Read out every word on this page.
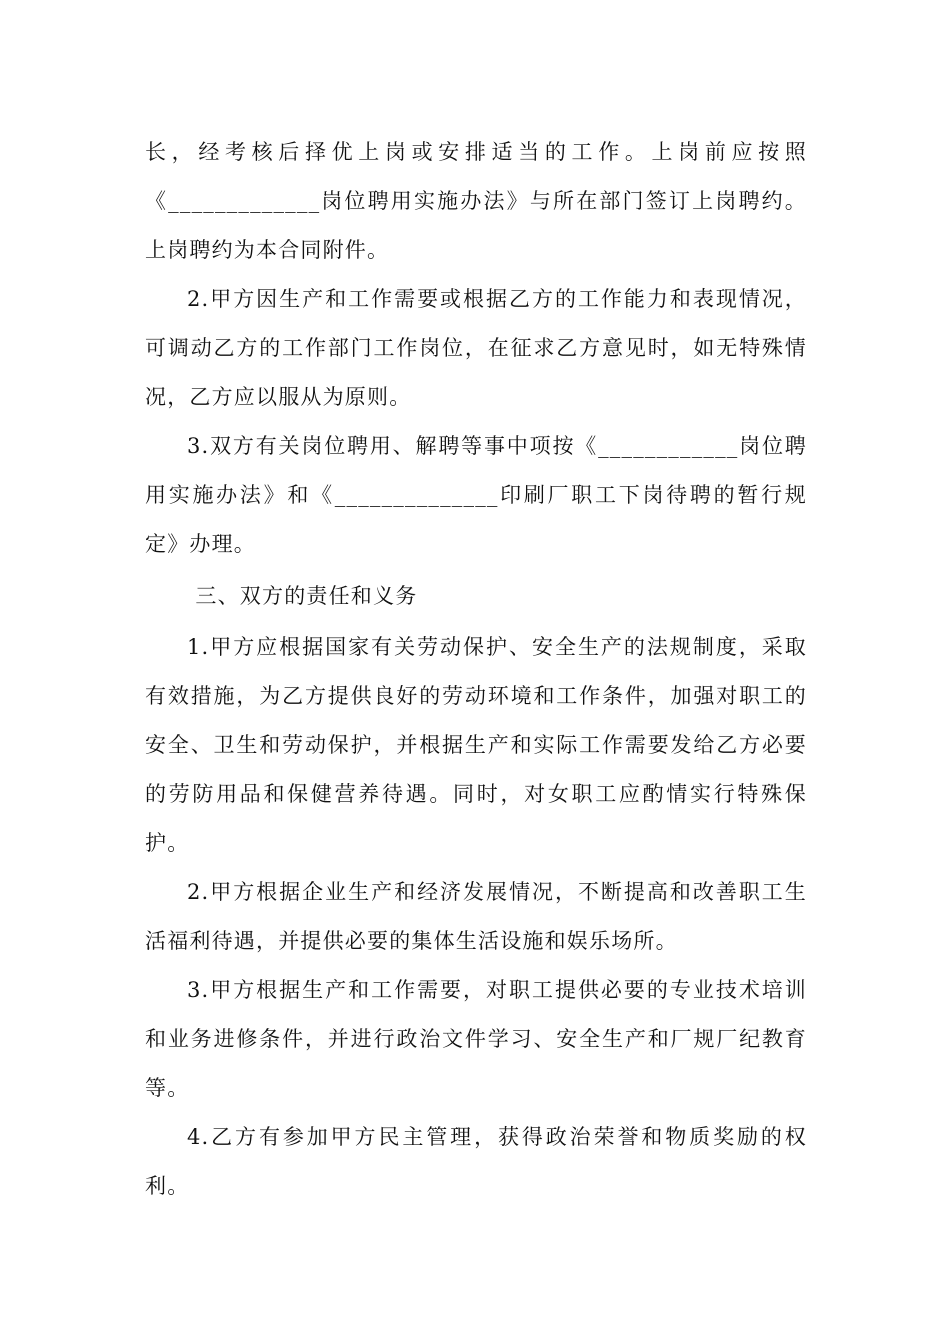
长，经考核后择优上岗或安排适当的工作。上岗前应按照《_____________岗位聘用实施办法》与所在部门签订上岗聘约。上岗聘约为本合同附件。

2.甲方因生产和工作需要或根据乙方的工作能力和表现情况，可调动乙方的工作部门工作岗位，在征求乙方意见时，如无特殊情况，乙方应以服从为原则。

3.双方有关岗位聘用、解聘等事中项按《____________岗位聘用实施办法》和《______________印刷厂职工下岗待聘的暂行规定》办理。

三、双方的责任和义务

1.甲方应根据国家有关劳动保护、安全生产的法规制度，采取有效措施，为乙方提供良好的劳动环境和工作条件，加强对职工的安全、卫生和劳动保护，并根据生产和实际工作需要发给乙方必要的劳防用品和保健营养待遇。同时，对女职工应酌情实行特殊保护。

2.甲方根据企业生产和经济发展情况，不断提高和改善职工生活福利待遇，并提供必要的集体生活设施和娱乐场所。

3.甲方根据生产和工作需要，对职工提供必要的专业技术培训和业务进修条件，并进行政治文件学习、安全生产和厂规厂纪教育等。

4.乙方有参加甲方民主管理，获得政治荣誉和物质奖励的权利。
